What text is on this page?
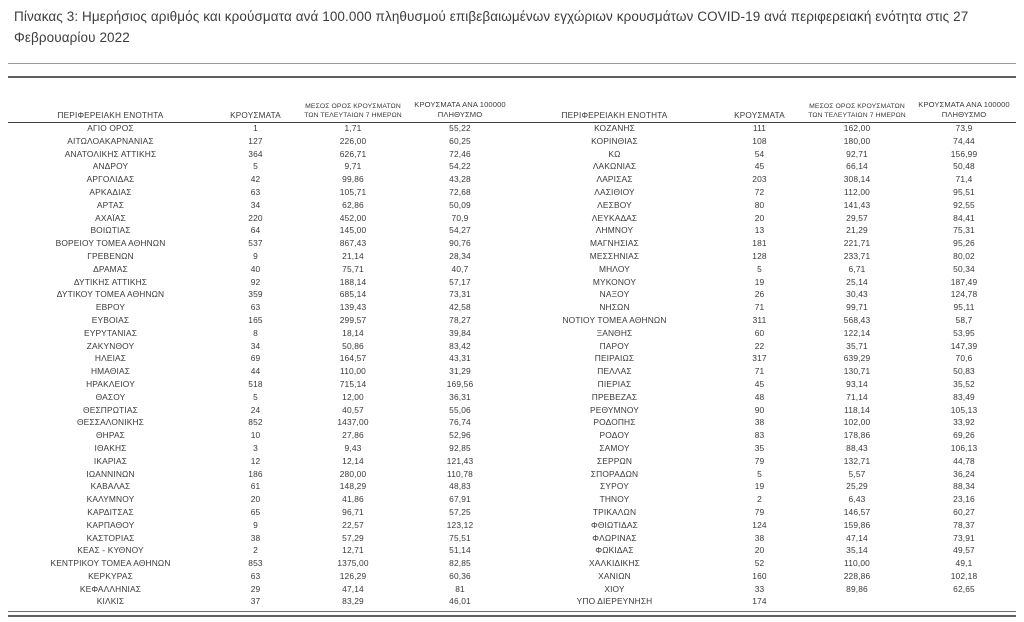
Πίνακας 3: Ημερήσιος αριθμός και κρούσματα ανά 100.000 πληθυσμού επιβεβαιωμένων εγχώριων κρουσμάτων COVID-19 ανά περιφερειακή ενότητα στις 27 Φεβρουαρίου 2022
ΠΕΡΙΦΕΡΕΙΑΚΗ ΕΝΟΤΗΤΑ	ΚΡΟΥΣΜΑΤΑ	ΜΕΣΟΣ ΟΡΟΣ ΚΡΟΥΣΜΑΤΩΝ ΤΩΝ ΤΕΛΕΥΤΑΙΩΝ 7 ΗΜΕΡΩΝ	ΚΡΟΥΣΜΑΤΑ ΑΝΑ 100000 ΠΛΗΘΥΣΜΟ
ΑΓΙΟ ΟΡΟΣ	1	1,71	55,22
ΑΙΤΩΛΟΑΚΑΡΝΑΝΙΑΣ	127	226,00	60,25
ΑΝΑΤΟΛΙΚΗΣ ΑΤΤΙΚΗΣ	364	626,71	72,46
ΑΝΔΡΟΥ	5	9,71	54,22
ΑΡΓΟΛΙΔΑΣ	42	99,86	43,28
ΑΡΚΑΔΙΑΣ	63	105,71	72,68
ΑΡΤΑΣ	34	62,86	50,09
ΑΧΑΪΑΣ	220	452,00	70,9
ΒΟΙΩΤΙΑΣ	64	145,00	54,27
ΒΟΡΕΙΟΥ ΤΟΜΕΑ ΑΘΗΝΩΝ	537	867,43	90,76
ΓΡΕΒΕΝΩΝ	9	21,14	28,34
ΔΡΑΜΑΣ	40	75,71	40,7
ΔΥΤΙΚΗΣ ΑΤΤΙΚΗΣ	92	188,14	57,17
ΔΥΤΙΚΟΥ ΤΟΜΕΑ ΑΘΗΝΩΝ	359	685,14	73,31
ΕΒΡΟΥ	63	139,43	42,58
ΕΥΒΟΙΑΣ	165	299,57	78,27
ΕΥΡΥΤΑΝΙΑΣ	8	18,14	39,84
ΖΑΚΥΝΘΟΥ	34	50,86	83,42
ΗΛΕΙΑΣ	69	164,57	43,31
ΗΜΑΘΙΑΣ	44	110,00	31,29
ΗΡΑΚΛΕΙΟΥ	518	715,14	169,56
ΘΑΣΟΥ	5	12,00	36,31
ΘΕΣΠΡΩΤΙΑΣ	24	40,57	55,06
ΘΕΣΣΑΛΟΝΙΚΗΣ	852	1437,00	76,74
ΘΗΡΑΣ	10	27,86	52,96
ΙΘΑΚΗΣ	3	9,43	92,85
ΙΚΑΡΙΑΣ	12	12,14	121,43
ΙΩΑΝΝΙΝΩΝ	186	280,00	110,78
ΚΑΒΑΛΑΣ	61	148,29	48,83
ΚΑΛΥΜΝΟΥ	20	41,86	67,91
ΚΑΡΔΙΤΣΑΣ	65	96,71	57,25
ΚΑΡΠΑΘΟΥ	9	22,57	123,12
ΚΑΣΤΟΡΙΑΣ	38	57,29	75,51
ΚΕΑΣ - ΚΥΘΝΟΥ	2	12,71	51,14
ΚΕΝΤΡΙΚΟΥ ΤΟΜΕΑ ΑΘΗΝΩΝ	853	1375,00	82,85
ΚΕΡΚΥΡΑΣ	63	126,29	60,36
ΚΕΦΑΛΛΗΝΙΑΣ	29	47,14	81
ΚΙΛΚΙΣ	37	83,29	46,01
ΠΕΡΙΦΕΡΕΙΑΚΗ ΕΝΟΤΗΤΑ	ΚΡΟΥΣΜΑΤΑ	ΜΕΣΟΣ ΟΡΟΣ ΚΡΟΥΣΜΑΤΩΝ ΤΩΝ ΤΕΛΕΥΤΑΙΩΝ 7 ΗΜΕΡΩΝ	ΚΡΟΥΣΜΑΤΑ ΑΝΑ 100000 ΠΛΗΘΥΣΜΟ
ΚΟΖΑΝΗΣ	111	162,00	73,9
ΚΟΡΙΝΘΙΑΣ	108	180,00	74,44
ΚΩ	54	92,71	156,99
ΛΑΚΩΝΙΑΣ	45	66,14	50,48
ΛΑΡΙΣΑΣ	203	308,14	71,4
ΛΑΣΙΘΙΟΥ	72	112,00	95,51
ΛΕΣΒΟΥ	80	141,43	92,55
ΛΕΥΚΑΔΑΣ	20	29,57	84,41
ΛΗΜΝΟΥ	13	21,29	75,31
ΜΑΓΝΗΣΙΑΣ	181	221,71	95,26
ΜΕΣΣΗΝΙΑΣ	128	233,71	80,02
ΜΗΛΟΥ	5	6,71	50,34
ΜΥΚΟΝΟΥ	19	25,14	187,49
ΝΑΞΟΥ	26	30,43	124,78
ΝΗΣΩΝ	71	99,71	95,11
ΝΟΤΙΟΥ ΤΟΜΕΑ ΑΘΗΝΩΝ	311	568,43	58,7
ΞΑΝΘΗΣ	60	122,14	53,95
ΠΑΡΟΥ	22	35,71	147,39
ΠΕΙΡΑΙΩΣ	317	639,29	70,6
ΠΕΛΛΑΣ	71	130,71	50,83
ΠΙΕΡΙΑΣ	45	93,14	35,52
ΠΡΕΒΕΖΑΣ	48	71,14	83,49
ΡΕΘΥΜΝΟΥ	90	118,14	105,13
ΡΟΔΟΠΗΣ	38	102,00	33,92
ΡΟΔΟΥ	83	178,86	69,26
ΣΑΜΟΥ	35	88,43	106,13
ΣΕΡΡΩΝ	79	132,71	44,78
ΣΠΟΡΑΔΩΝ	5	5,57	36,24
ΣΥΡΟΥ	19	25,29	88,34
ΤΗΝΟΥ	2	6,43	23,16
ΤΡΙΚΑΛΩΝ	79	146,57	60,27
ΦΘΙΩΤΙΔΑΣ	124	159,86	78,37
ΦΛΩΡΙΝΑΣ	38	47,14	73,91
ΦΩΚΙΔΑΣ	20	35,14	49,57
ΧΑΛΚΙΔΙΚΗΣ	52	110,00	49,1
ΧΑΝΙΩΝ	160	228,86	102,18
ΧΙΟΥ	33	89,86	62,65
ΥΠΟ ΔΙΕΡΕΥΝΗΣΗ	174		
